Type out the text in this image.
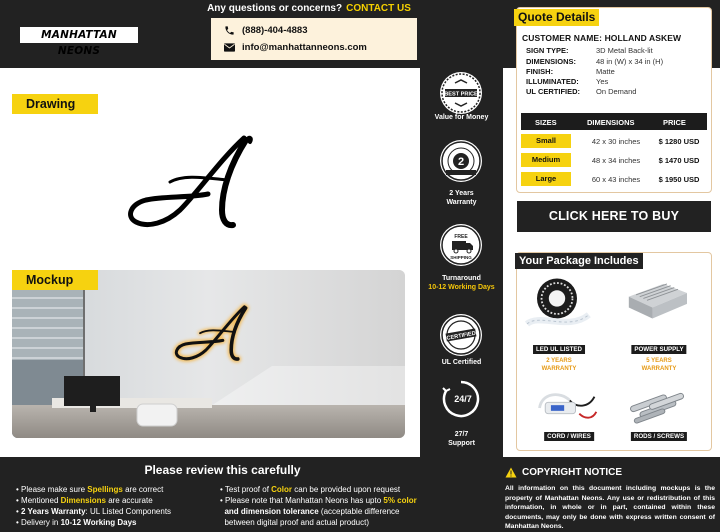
MANHATTAN NEONS
Any questions or concerns? CONTACT US
(888)-404-4883
info@manhattanneons.com
Drawing
Mockup
BEST PRICE
Value for Money
2
2 Years
Warranty
FREE
SHIPPING
Turnaround
10-12 Working Days
CERTIFIED
UL Certified
24/7
27/7
Support
Quote Details
CUSTOMER NAME: HOLLAND ASKEW
SIGN TYPE:	3D Metal Back-lit
DIMENSIONS:	48 in (W) x 34 in (H)
FINISH:	Matte
ILLUMINATED:	Yes
UL CERTIFIED:	On Demand
SIZES	DIMENSIONS	PRICE
Small	42 x 30 inches	$ 1280 USD
Medium	48 x 34 inches	$ 1470 USD
Large	60 x 43 inches	$ 1950 USD
CLICK HERE TO BUY
Your Package Includes
LED UL LISTED
2 YEARS
WARRANTY
POWER SUPPLY
5 YEARS
WARRANTY
CORD / WIRES	RODS / SCREWS
Please review this carefully
• Please make sure Spellings are correct
• Mentioned Dimensions are accurate
• 2 Years Warranty: UL Listed Components
• Delivery in 10-12 Working Days
• Test proof of Color can be provided upon request
• Please note that Manhattan Neons has upto 5% color
and dimension tolerance (acceptable difference
between digital proof and actual product)
COPYRIGHT NOTICE
All information on this document including mockups is the property of Manhattan Neons. Any use or redistribution of this information, in whole or in part, contained within these documents, may only be done with express written consent of Manhattan Neons.
